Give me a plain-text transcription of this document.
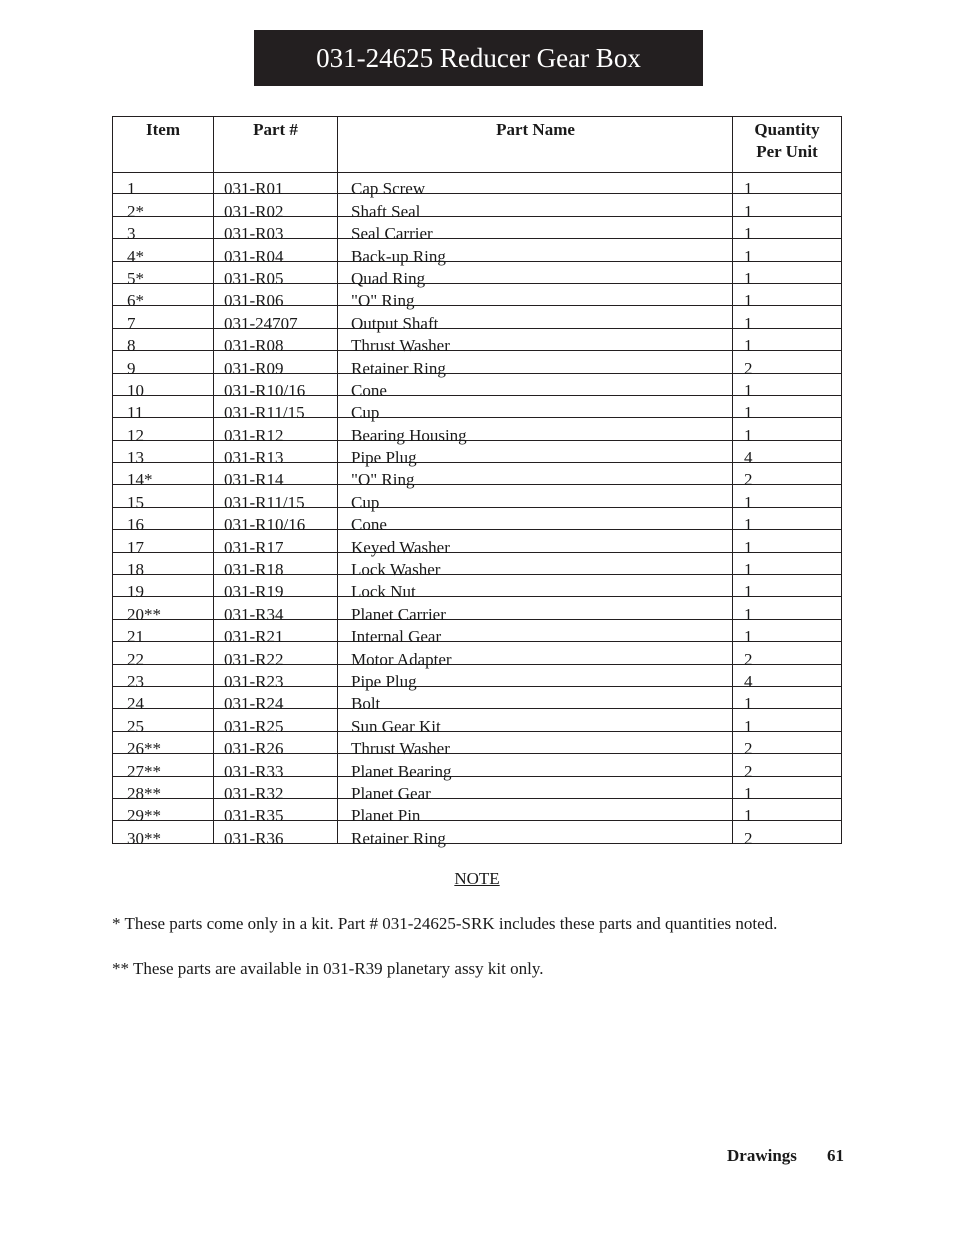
031-24625 Reducer Gear Box
Item	Part #	Part Name	Quantity
Per Unit
1	031-R01	Cap Screw	1
2*	031-R02	Shaft Seal	1
3	031-R03	Seal Carrier	1
4*	031-R04	Back-up Ring	1
5*	031-R05	Quad Ring	1
6*	031-R06	"O" Ring	1
7	031-24707	Output Shaft	1
8	031-R08	Thrust Washer	1
9	031-R09	Retainer Ring	2
10	031-R10/16	Cone	1
11	031-R11/15	Cup	1
12	031-R12	Bearing Housing	1
13	031-R13	Pipe Plug	4
14*	031-R14	"O" Ring	2
15	031-R11/15	Cup	1
16	031-R10/16	Cone	1
17	031-R17	Keyed Washer	1
18	031-R18	Lock Washer	1
19	031-R19	Lock Nut	1
20**	031-R34	Planet Carrier	1
21	031-R21	Internal Gear	1
22	031-R22	Motor Adapter	2
23	031-R23	Pipe Plug	4
24	031-R24	Bolt	1
25	031-R25	Sun Gear Kit	1
26**	031-R26	Thrust Washer	2
27**	031-R33	Planet Bearing	2
28**	031-R32	Planet Gear	1
29**	031-R35	Planet Pin	1
30**	031-R36	Retainer Ring	2
NOTE
* These parts come only in a kit. Part # 031-24625-SRK includes these parts and quantities noted.
** These parts are available in 031-R39 planetary assy kit only.
Drawings 61
